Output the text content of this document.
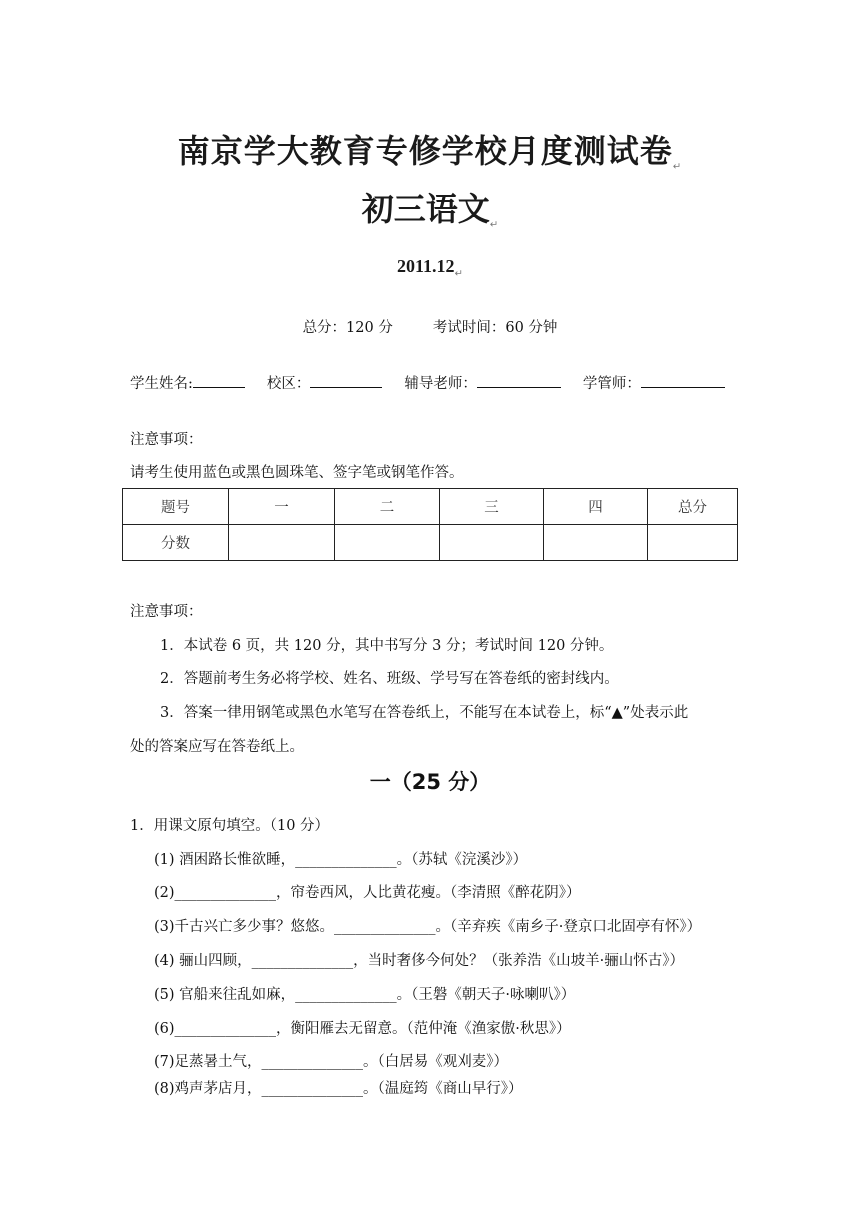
南京学大教育专修学校月度测试卷$_↵$
初三语文$_↵$
$2011.12_↵$
总分：120 分	考试时间：60 分钟
学生姓名:	校区：	辅导老师：	学管师：
注意事项：
请考生使用蓝色或黑色圆珠笔、签字笔或钢笔作答。
题号	一	二	三	四	总分
分数					
注意事项：
1．本试卷 6 页，共 120 分，其中书写分 3 分；考试时间 120 分钟。
2．答题前考生务必将学校、姓名、班级、学号写在答卷纸的密封线内。
3．答案一律用钢笔或黑色水笔写在答卷纸上，不能写在本试卷上，标“▲”处表示此
处的答案应写在答卷纸上。
一（25 分）
1．用课文原句填空。（10 分）
(1) 酒困路长惟欲睡，______________。（苏轼《浣溪沙》）
(2)______________，帘卷西风，人比黄花瘦。（李清照《醉花阴》）
(3)千古兴亡多少事？悠悠。______________。（辛弃疾《南乡子·登京口北固亭有怀》）
(4) 骊山四顾，______________，当时奢侈今何处？（张养浩《山坡羊·骊山怀古》）
(5) 官船来往乱如麻，______________。（王磐《朝天子·咏喇叭》）
(6)______________，衡阳雁去无留意。（范仲淹《渔家傲·秋思》）
(7)足蒸暑土气，______________。（白居易《观刈麦》）
(8)鸡声茅店月，______________。（温庭筠《商山早行》）
